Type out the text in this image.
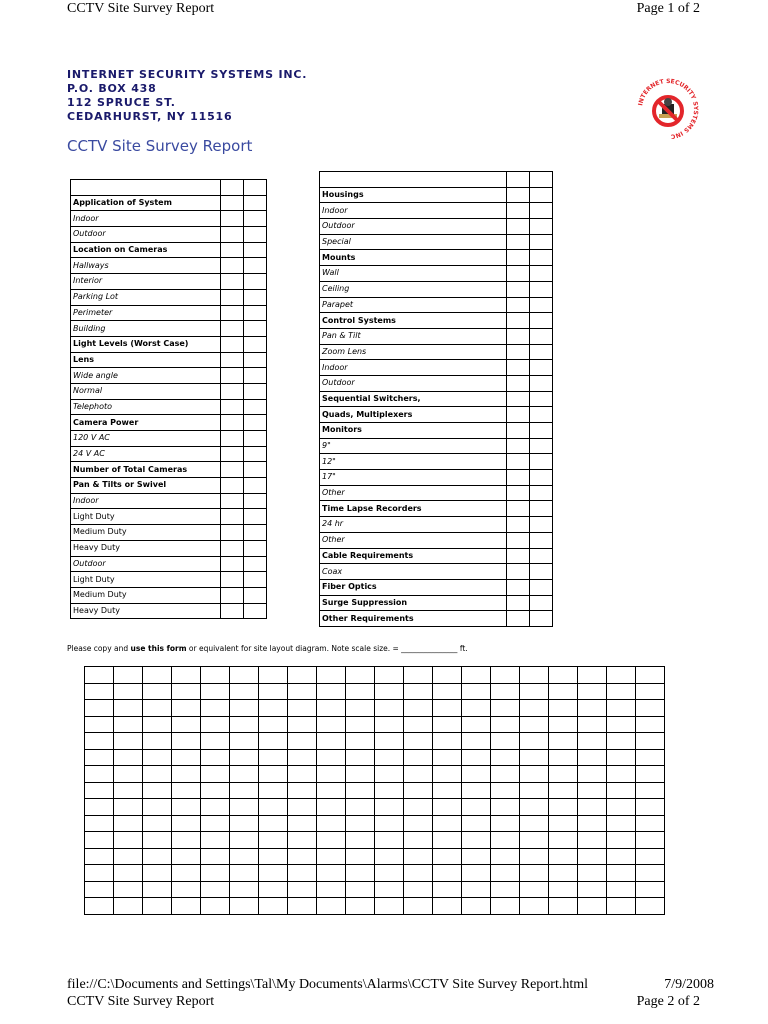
CCTV Site Survey Report	Page 1 of 2
INTERNET SECURITY SYSTEMS INC.
P.O. BOX 438
112 SPRUCE ST.
CEDARHURST, NY 11516
INTERNET SECURITY SYSTEMS INC
CCTV Site Survey Report

Application of System		
Indoor		
Outdoor		
Location on Cameras		
Hallways		
Interior		
Parking Lot		
Perimeter		
Building		
Light Levels (Worst Case)		
Lens		
Wide angle		
Normal		
Telephoto		
Camera Power		
120 V AC		
24 V AC		
Number of Total Cameras		
Pan & Tilts or Swivel		
Indoor		
Light Duty		
Medium Duty		
Heavy Duty		
Outdoor		
Light Duty		
Medium Duty		
Heavy Duty		

Housings		
Indoor		
Outdoor		
Special		
Mounts		
Wall		
Ceiling		
Parapet		
Control Systems		
Pan & Tilt		
Zoom Lens		
Indoor		
Outdoor		
Sequential Switchers,		
Quads, Multiplexers		
Monitors		
9"		
12"		
17"		
Other		
Time Lapse Recorders		
24 hr		
Other		
Cable Requirements		
Coax		
Fiber Optics		
Surge Suppression		
Other Requirements		
Please copy and use this form or equivalent for site layout diagram. Note scale size. = _______________ ft.

file://C:\Documents and Settings\Tal\My Documents\Alarms\CCTV Site Survey Report.html	7/9/2008
CCTV Site Survey Report	Page 2 of 2
